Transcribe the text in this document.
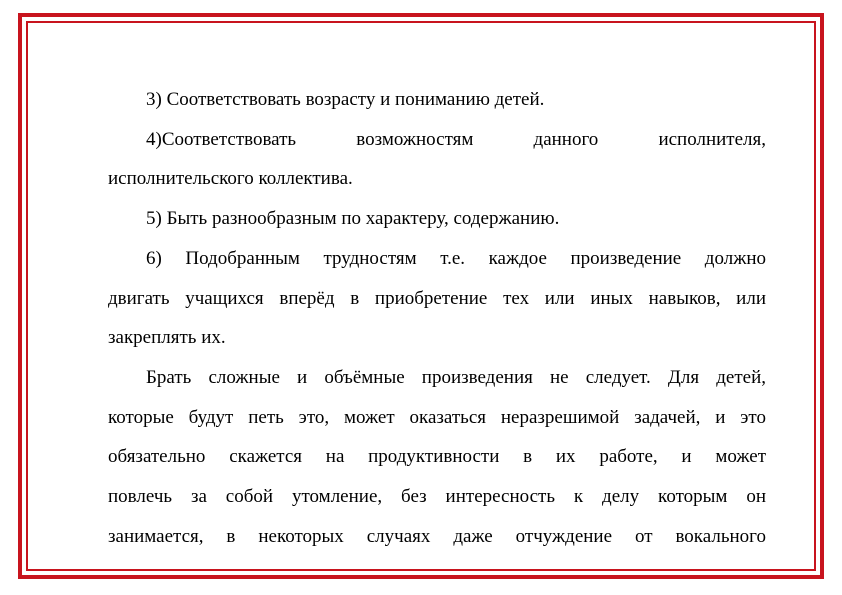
3) Соответствовать возрасту и пониманию детей.

4)Соответствовать возможностям данного исполнителя,
исполнительского коллектива.

5) Быть разнообразным по характеру, содержанию.

6) Подобранным трудностям т.е. каждое произведение должно
двигать учащихся вперёд в приобретение тех или иных навыков, или
закреплять их.

Брать сложные и объёмные произведения не следует. Для детей,
которые будут петь это, может оказаться неразрешимой задачей, и это
обязательно скажется на продуктивности в их работе, и может
повлечь за собой утомление, без интересность к делу которым он
занимается, в некоторых случаях даже отчуждение от вокального
